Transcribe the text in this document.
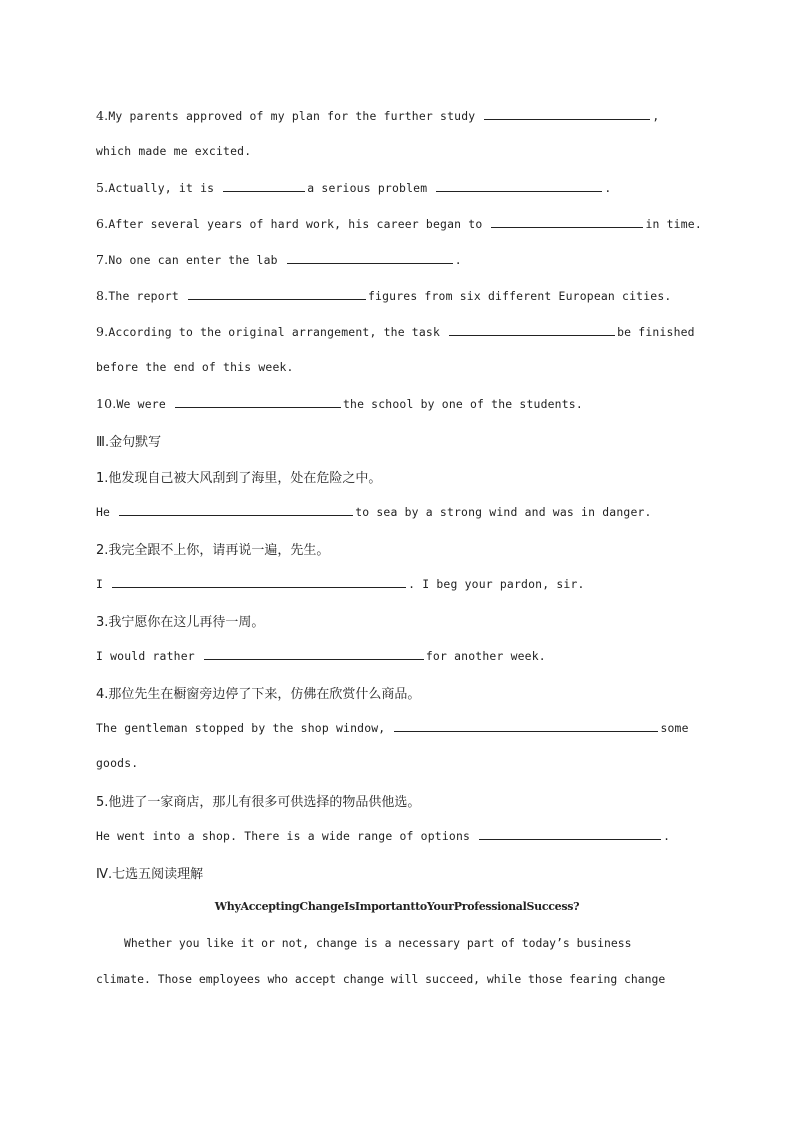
4.My parents approved of my plan for the further study	,
which made me excited.
5.Actually, it is	a serious problem	.
6.After several years of hard work, his career began to	in time.
7.No one can enter the lab	.
8.The report	figures from six different European cities.
9.According to the original arrangement, the task	be finished
before the end of this week.
10.We were	the school by one of the students.
Ⅲ.金句默写
1.他发现自己被大风刮到了海里，处在危险之中。
He	to sea by a strong wind and was in danger.
2.我完全跟不上你，请再说一遍，先生。
I	. I beg your pardon, sir.
3.我宁愿你在这儿再待一周。
I would rather	for another week.
4.那位先生在橱窗旁边停了下来，仿佛在欣赏什么商品。
The gentleman stopped by the shop window,	some
goods.
5.他进了一家商店，那儿有很多可供选择的物品供他选。
He went into a shop. There is a wide range of options	.
Ⅳ.七选五阅读理解
WhyAcceptingChangeIsImportanttoYourProfessionalSuccess?
Whether you like it or not, change is a necessary part of today’s business
climate. Those employees who accept change will succeed, while those fearing change
